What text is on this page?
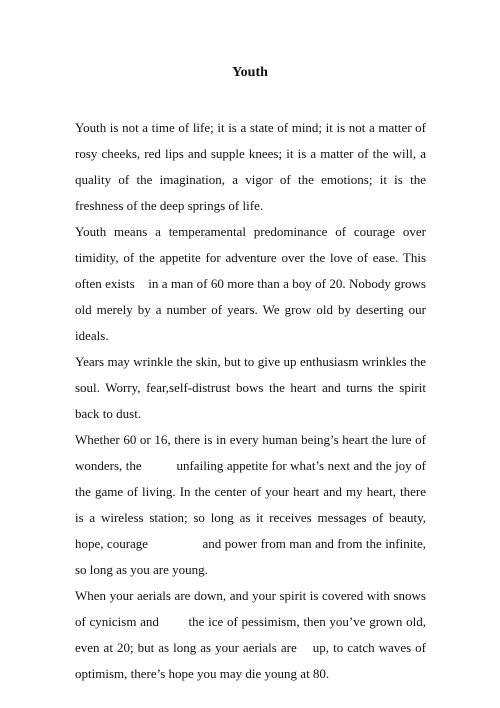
Youth

Youth is not a time of life; it is a state of mind; it is not a matter of rosy cheeks, red lips and supple knees; it is a matter of the will, a quality of the imagination, a vigor of the emotions; it is the freshness of the deep springs of life.

Youth means a temperamental predominance of courage over timidity, of the appetite for adventure over the love of ease. This often exists    in a man of 60 more than a boy of 20. Nobody grows old merely by a number of years. We grow old by deserting our ideals.

Years may wrinkle the skin, but to give up enthusiasm wrinkles the soul. Worry, fear,self-distrust bows the heart and turns the spirit back to dust.

Whether 60 or 16, there is in every human being’s heart the lure of wonders, the          unfailing appetite for what’s next and the joy of the game of living. In the center of your heart and my heart, there is a wireless station; so long as it receives messages of beauty,    hope, courage                and power from man and from the infinite, so long as you are young.

When your aerials are down, and your spirit is covered with snows of cynicism and        the ice of pessimism, then you’ve grown old, even at 20; but as long as your aerials are    up, to catch waves of optimism, there’s hope you may die young at 80.
